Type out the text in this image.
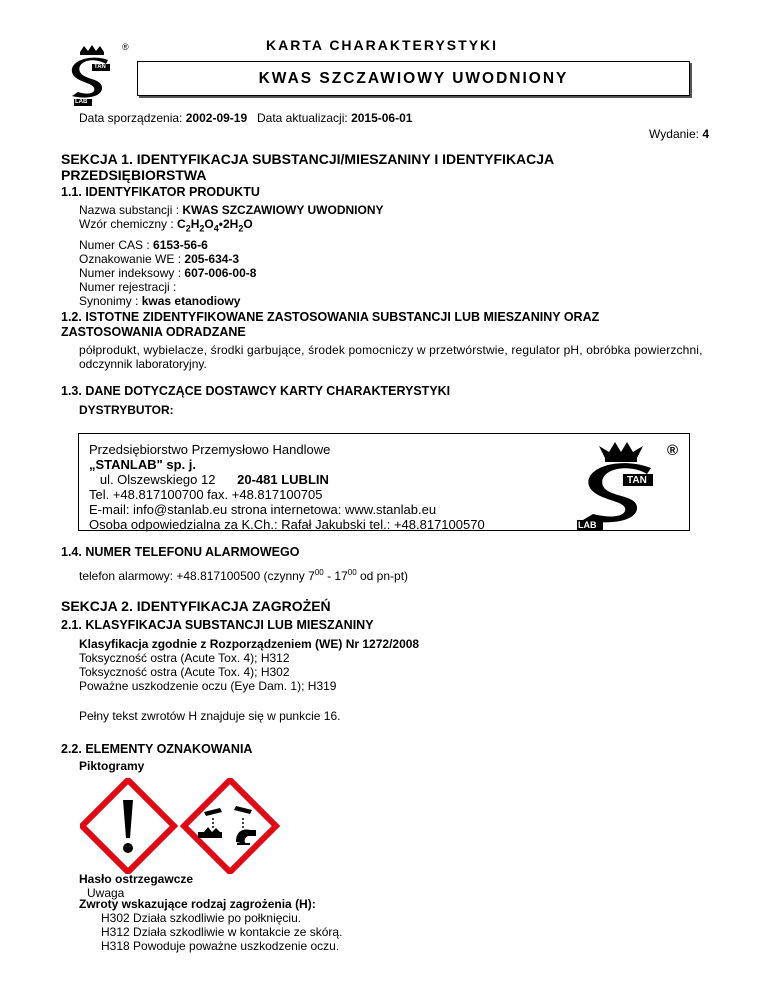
®
TAN
LAB
KARTA CHARAKTERYSTYKI
KWAS SZCZAWIOWY UWODNIONY
Data sporządzenia: 2002-09-19 Data aktualizacji: 2015-06-01
Wydanie: 4
SEKCJA 1. IDENTYFIKACJA SUBSTANCJI/MIESZANINY I IDENTYFIKACJA
PRZEDSIĘBIORSTWA
1.1. IDENTYFIKATOR PRODUKTU
Nazwa substancji : KWAS SZCZAWIOWY UWODNIONY
Wzór chemiczny : $C_2H_2O_4•2H_2O$
Numer CAS : 6153-56-6
Oznakowanie WE : 205-634-3
Numer indeksowy : 607-006-00-8
Numer rejestracji :
Synonimy : kwas etanodiowy
1.2. ISTOTNE ZIDENTYFIKOWANE ZASTOSOWANIA SUBSTANCJI LUB MIESZANINY ORAZ
ZASTOSOWANIA ODRADZANE
półprodukt, wybielacze, środki garbujące, środek pomocniczy w przetwórstwie, regulator pH, obróbka powierzchni,
odczynnik laboratoryjny.
1.3. DANE DOTYCZĄCE DOSTAWCY KARTY CHARAKTERYSTYKI
DYSTRYBUTOR:
Przedsiębiorstwo Przemysłowo Handlowe
„STANLAB" sp. j.
ul. Olszewskiego 12 20-481 LUBLIN
Tel. +48.817100700 fax. +48.817100705
E-mail: info@stanlab.eu strona internetowa: www.stanlab.eu
Osoba odpowiedzialna za K.Ch.: Rafał Jakubski tel.: +48.817100570
TAN
LAB
®
1.4. NUMER TELEFONU ALARMOWEGO
telefon alarmowy: +48.817100500 (czynny $7^{00} - 17^{00}$ od pn-pt)
SEKCJA 2. IDENTYFIKACJA ZAGROŻEŃ
2.1. KLASYFIKACJA SUBSTANCJI LUB MIESZANINY
Klasyfikacja zgodnie z Rozporządzeniem (WE) Nr 1272/2008
Toksyczność ostra (Acute Tox. 4); H312
Toksyczność ostra (Acute Tox. 4); H302
Poważne uszkodzenie oczu (Eye Dam. 1); H319
Pełny tekst zwrotów H znajduje się w punkcie 16.
2.2. ELEMENTY OZNAKOWANIA
Piktogramy
Hasło ostrzegawcze
Uwaga
Zwroty wskazujące rodzaj zagrożenia (H):
H302 Działa szkodliwie po połknięciu.
H312 Działa szkodliwie w kontakcie ze skórą.
H318 Powoduje poważne uszkodzenie oczu.
